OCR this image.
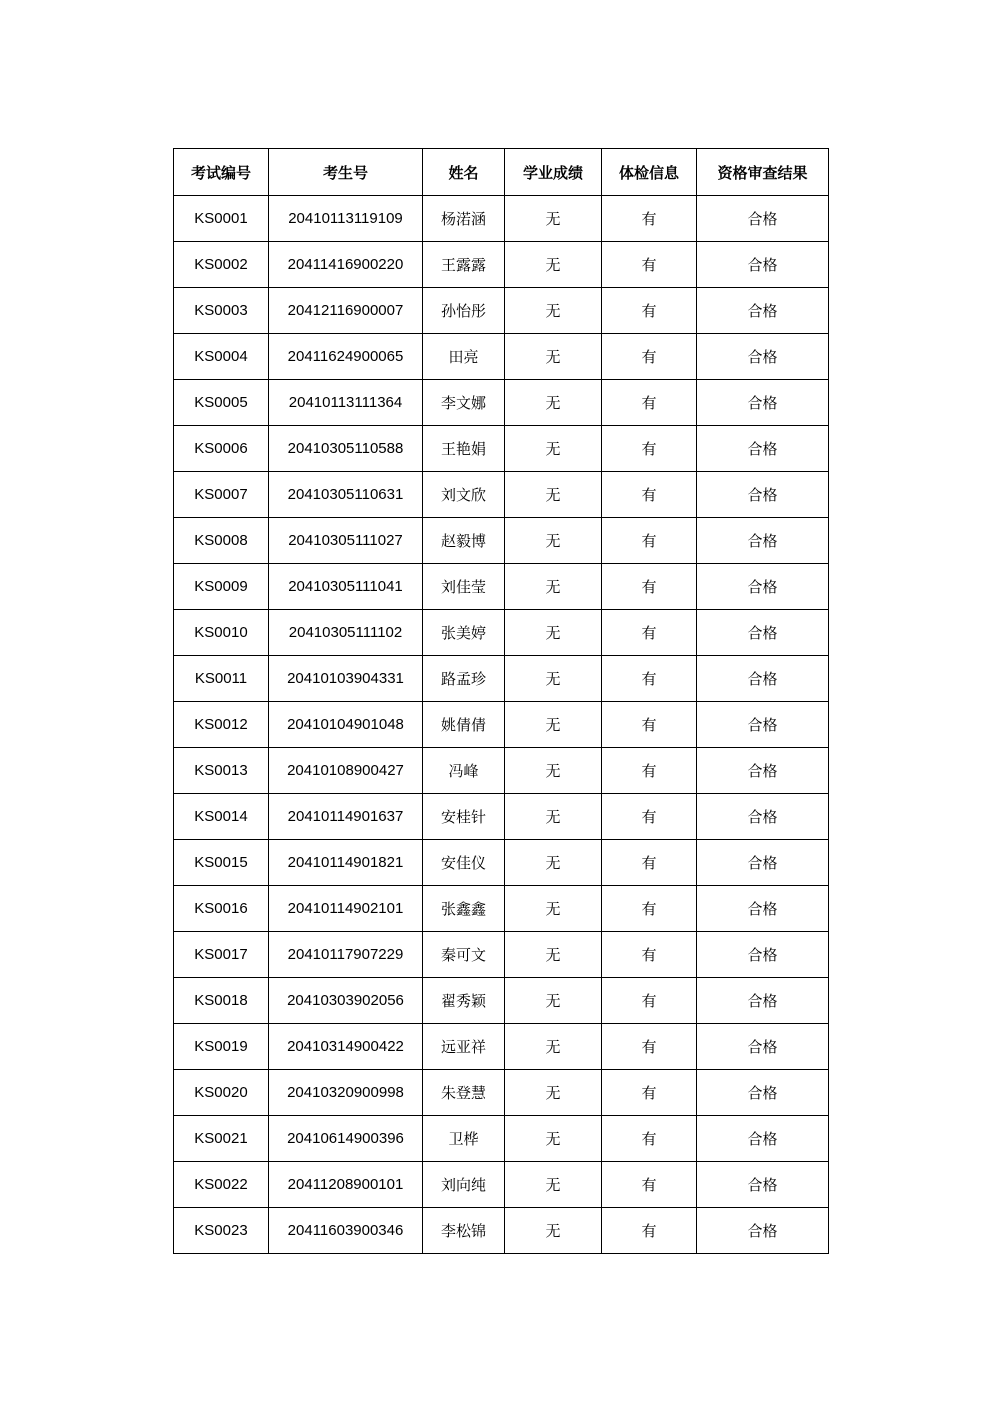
考试编号	考生号	姓名	学业成绩	体检信息	资格审查结果
KS0001	20410113119109	杨渃涵	无	有	合格
KS0002	20411416900220	王露露	无	有	合格
KS0003	20412116900007	孙怡彤	无	有	合格
KS0004	20411624900065	田亮	无	有	合格
KS0005	20410113111364	李文娜	无	有	合格
KS0006	20410305110588	王艳娟	无	有	合格
KS0007	20410305110631	刘文欣	无	有	合格
KS0008	20410305111027	赵毅博	无	有	合格
KS0009	20410305111041	刘佳莹	无	有	合格
KS0010	20410305111102	张美婷	无	有	合格
KS0011	20410103904331	路孟珍	无	有	合格
KS0012	20410104901048	姚倩倩	无	有	合格
KS0013	20410108900427	冯峰	无	有	合格
KS0014	20410114901637	安桂针	无	有	合格
KS0015	20410114901821	安佳仪	无	有	合格
KS0016	20410114902101	张鑫鑫	无	有	合格
KS0017	20410117907229	秦可文	无	有	合格
KS0018	20410303902056	翟秀颖	无	有	合格
KS0019	20410314900422	远亚祥	无	有	合格
KS0020	20410320900998	朱登慧	无	有	合格
KS0021	20410614900396	卫桦	无	有	合格
KS0022	20411208900101	刘向纯	无	有	合格
KS0023	20411603900346	李松锦	无	有	合格
